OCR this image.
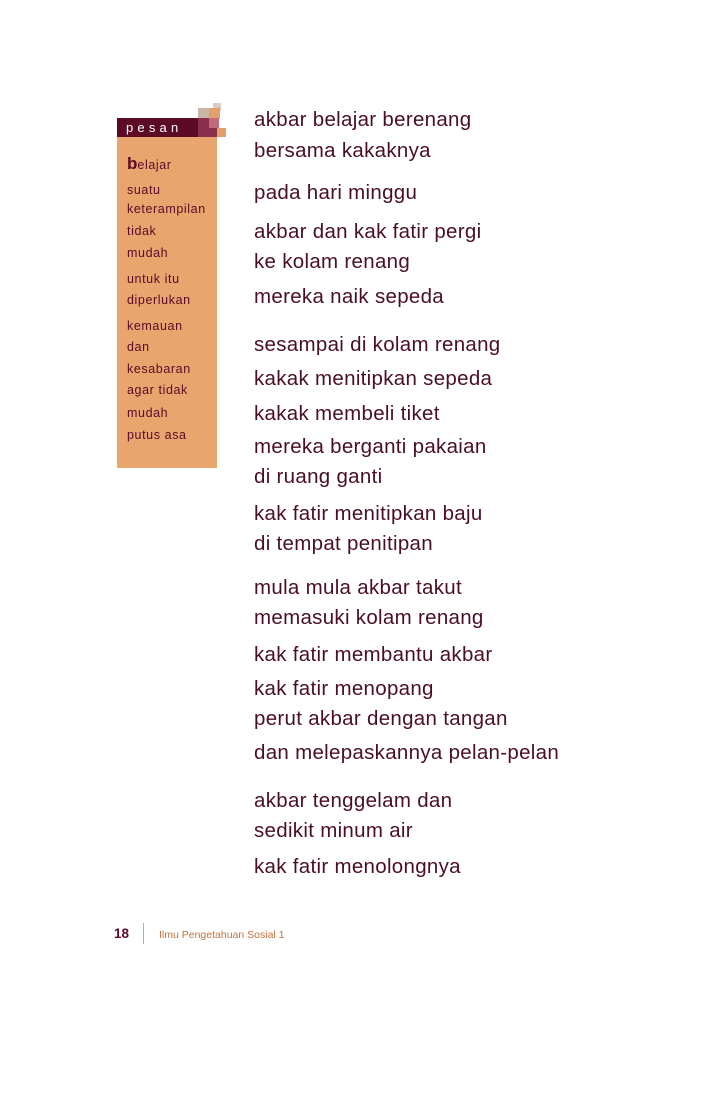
pesan
belajar
suatu
keterampilan
tidak
mudah
untuk itu
diperlukan
kemauan
dan
kesabaran
agar tidak
mudah
putus asa
akbar belajar berenang
bersama kakaknya
pada hari minggu
akbar dan kak fatir pergi
ke kolam renang
mereka naik sepeda
sesampai di kolam renang
kakak menitipkan sepeda
kakak membeli tiket
mereka berganti pakaian
di ruang ganti
kak fatir menitipkan baju
di tempat penitipan
mula mula akbar takut
memasuki kolam renang
kak fatir membantu akbar
kak fatir menopang
perut akbar dengan tangan
dan melepaskannya pelan-pelan
akbar tenggelam dan
sedikit minum air
kak fatir menolongnya
18	Ilmu Pengetahuan Sosial 1
